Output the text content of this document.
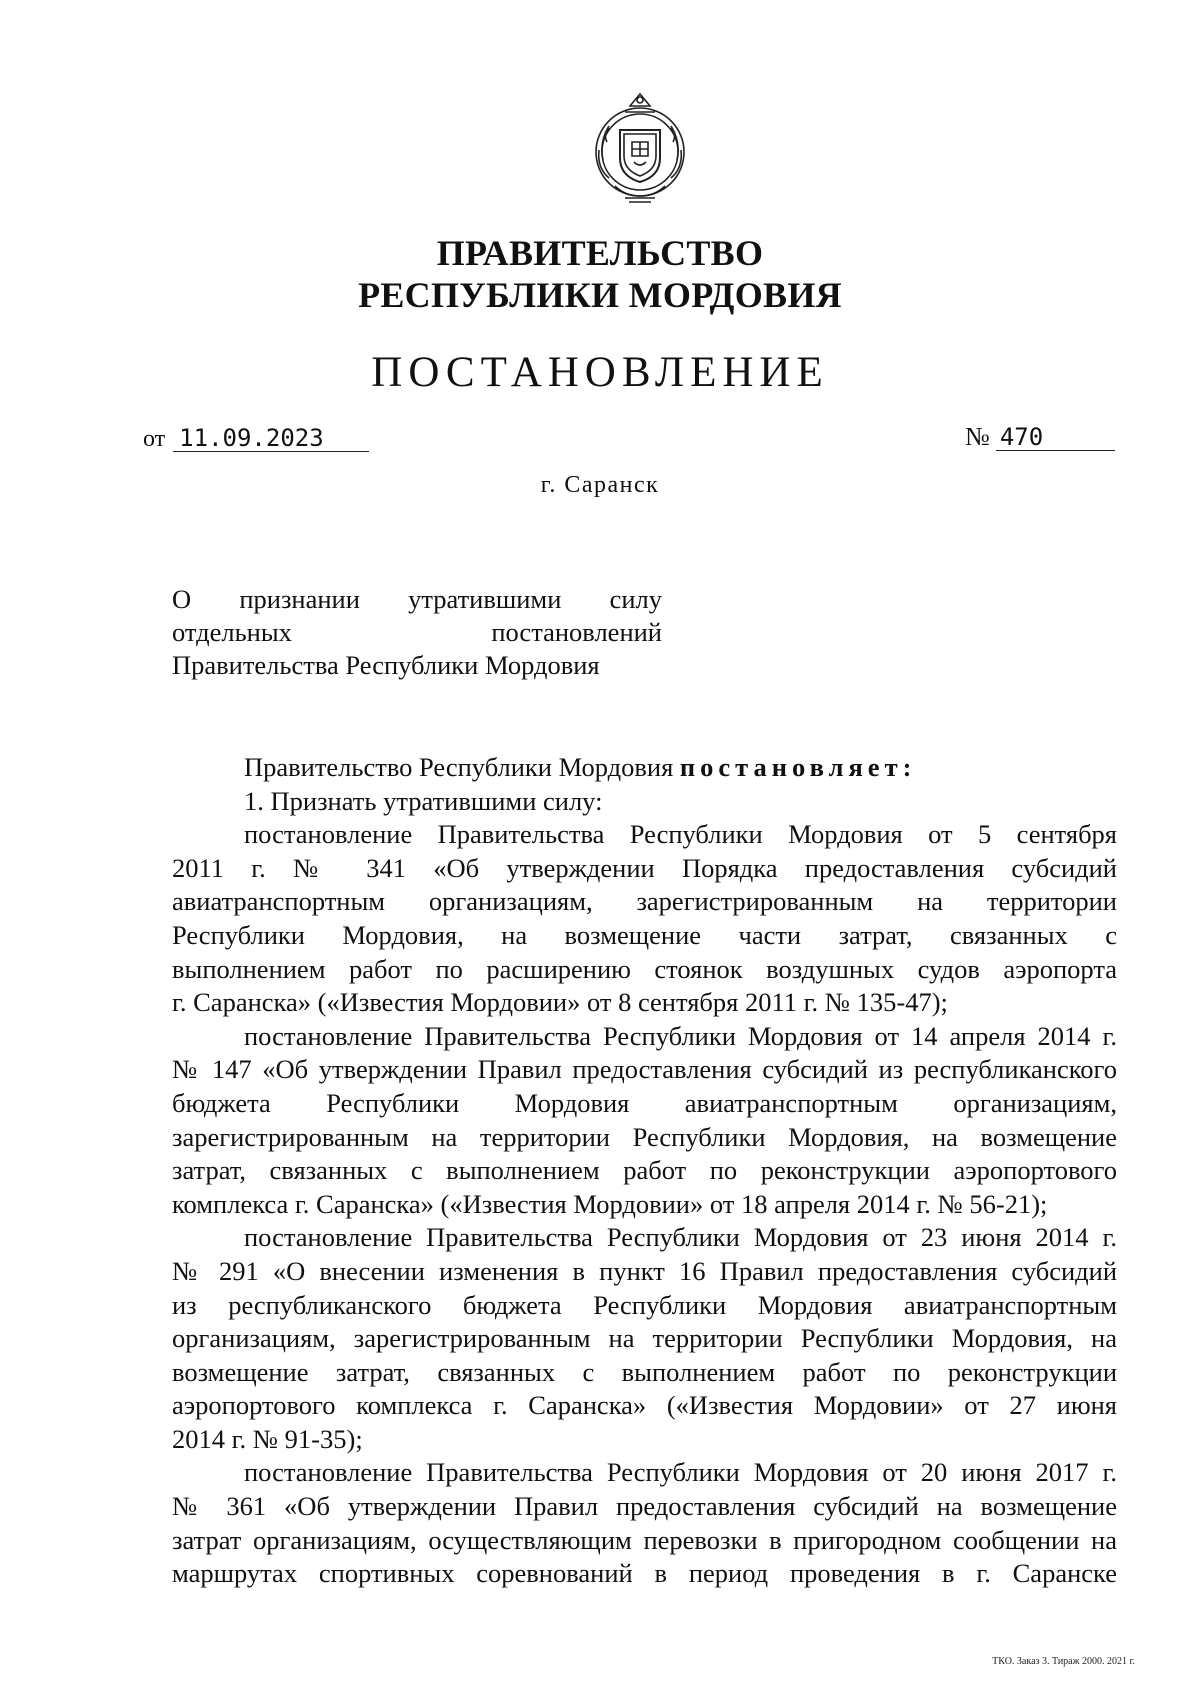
ПРАВИТЕЛЬСТВО
РЕСПУБЛИКИ МОРДОВИЯ
ПОСТАНОВЛЕНИЕ
от 11.09.2023	№ 470
г. Саранск
О признании утратившими силу
отдельных постановлений
Правительства Республики Мордовия
Правительство Республики Мордовия постановляет:
1. Признать утратившими силу:
постановление Правительства Республики Мордовия от 5 сентября
2011 г. № 341 «Об утверждении Порядка предоставления субсидий
авиатранспортным организациям, зарегистрированным на территории
Республики Мордовия, на возмещение части затрат, связанных с
выполнением работ по расширению стоянок воздушных судов аэропорта
г. Саранска» («Известия Мордовии» от 8 сентября 2011 г. № 135-47);
постановление Правительства Республики Мордовия от 14 апреля 2014 г.
№ 147 «Об утверждении Правил предоставления субсидий из республиканского
бюджета Республики Мордовия авиатранспортным организациям,
зарегистрированным на территории Республики Мордовия, на возмещение
затрат, связанных с выполнением работ по реконструкции аэропортового
комплекса г. Саранска» («Известия Мордовии» от 18 апреля 2014 г. № 56-21);
постановление Правительства Республики Мордовия от 23 июня 2014 г.
№ 291 «О внесении изменения в пункт 16 Правил предоставления субсидий
из республиканского бюджета Республики Мордовия авиатранспортным
организациям, зарегистрированным на территории Республики Мордовия, на
возмещение затрат, связанных с выполнением работ по реконструкции
аэропортового комплекса г. Саранска» («Известия Мордовии» от 27 июня
2014 г. № 91-35);
постановление Правительства Республики Мордовия от 20 июня 2017 г.
№ 361 «Об утверждении Правил предоставления субсидий на возмещение
затрат организациям, осуществляющим перевозки в пригородном сообщении на
маршрутах спортивных соревнований в период проведения в г. Саранске
ТКО. Заказ 3. Тираж 2000. 2021 г.
